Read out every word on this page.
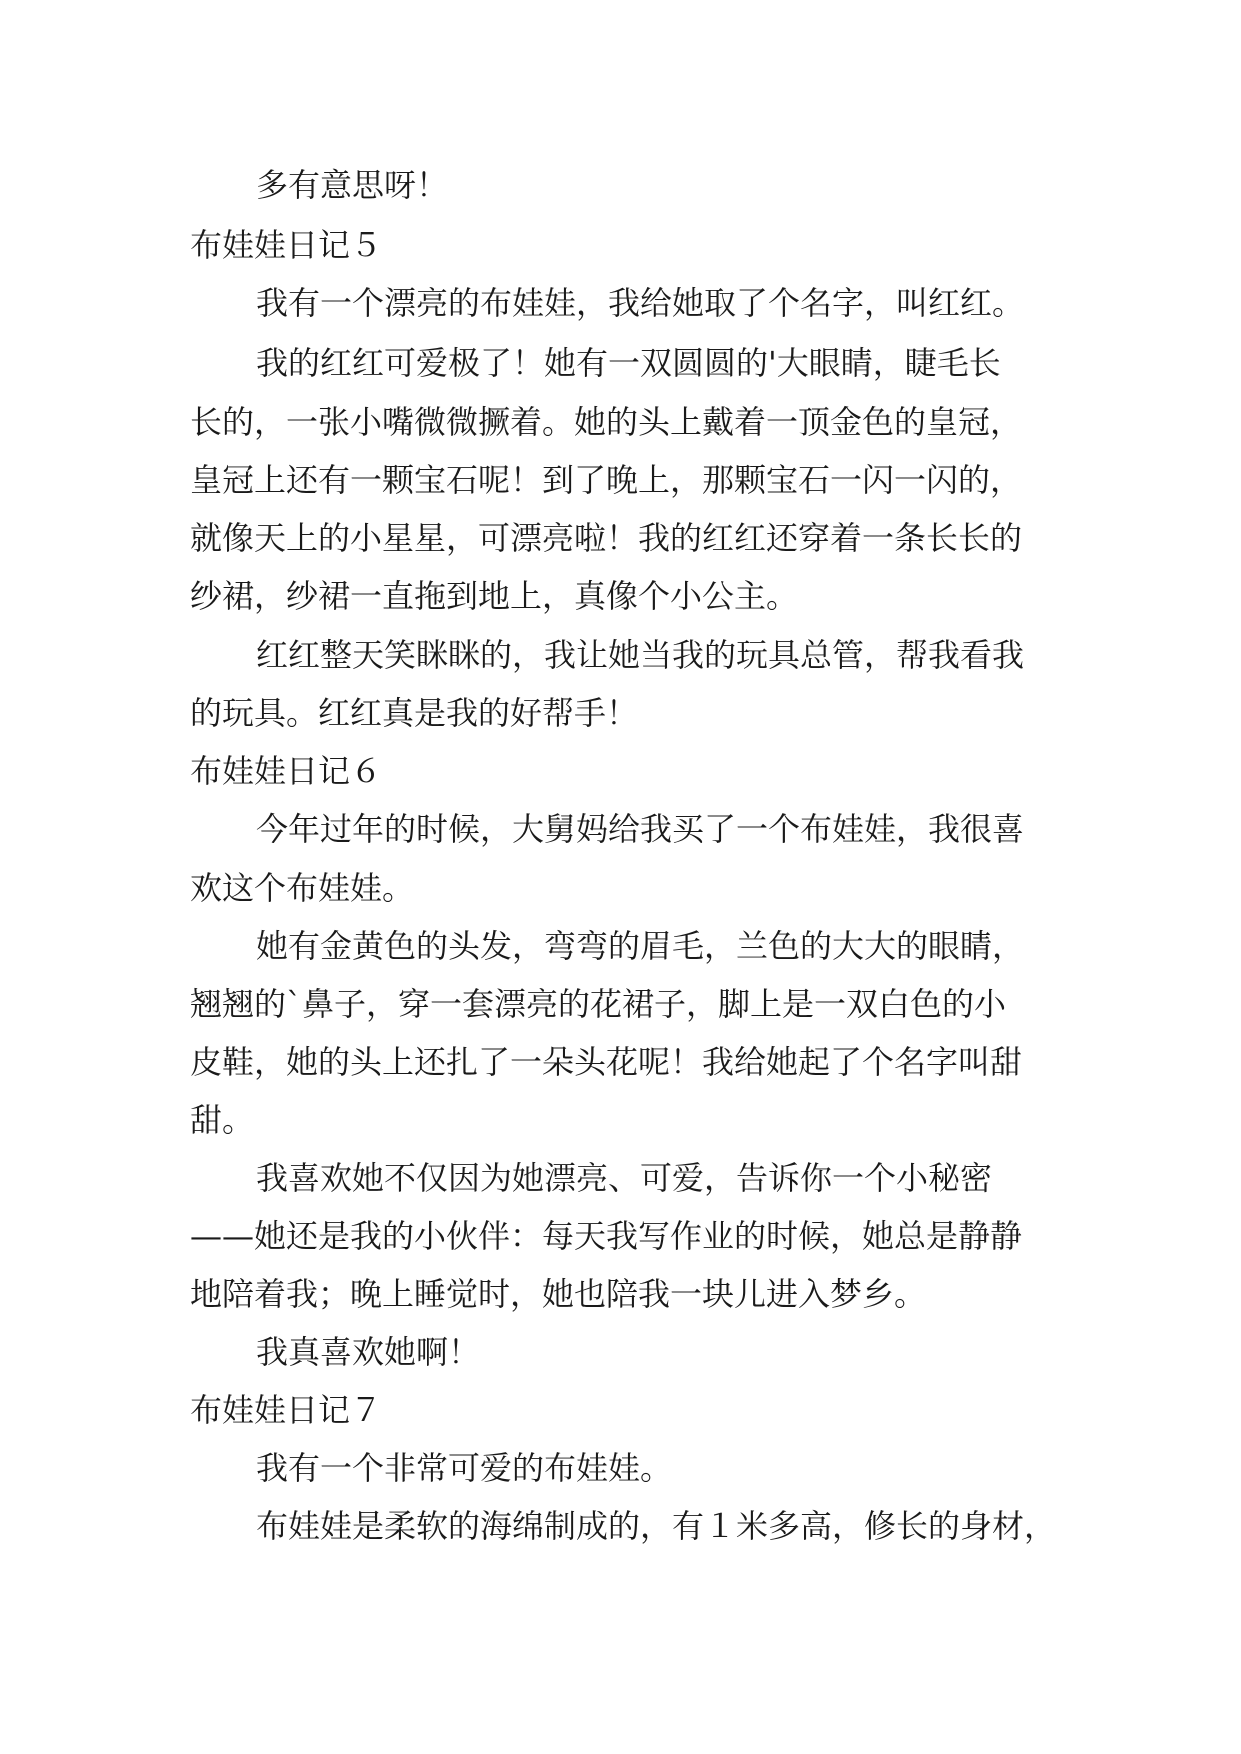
多有意思呀！
布娃娃日记５
我有一个漂亮的布娃娃，我给她取了个名字，叫红红。
我的红红可爱极了！她有一双圆圆的'大眼睛，睫毛长
长的，一张小嘴微微撅着。她的头上戴着一顶金色的皇冠，
皇冠上还有一颗宝石呢！到了晚上，那颗宝石一闪一闪的，
就像天上的小星星，可漂亮啦！我的红红还穿着一条长长的
纱裙，纱裙一直拖到地上，真像个小公主。
红红整天笑眯眯的，我让她当我的玩具总管，帮我看我
的玩具。红红真是我的好帮手！
布娃娃日记６
今年过年的时候，大舅妈给我买了一个布娃娃，我很喜
欢这个布娃娃。
她有金黄色的头发，弯弯的眉毛，兰色的大大的眼睛，
翘翘的`鼻子，穿一套漂亮的花裙子，脚上是一双白色的小
皮鞋，她的头上还扎了一朵头花呢！我给她起了个名字叫甜
甜。
我喜欢她不仅因为她漂亮、可爱，告诉你一个小秘密
——她还是我的小伙伴：每天我写作业的时候，她总是静静
地陪着我；晚上睡觉时，她也陪我一块儿进入梦乡。
我真喜欢她啊！
布娃娃日记７
我有一个非常可爱的布娃娃。
布娃娃是柔软的海绵制成的，有１米多高，修长的身材，
